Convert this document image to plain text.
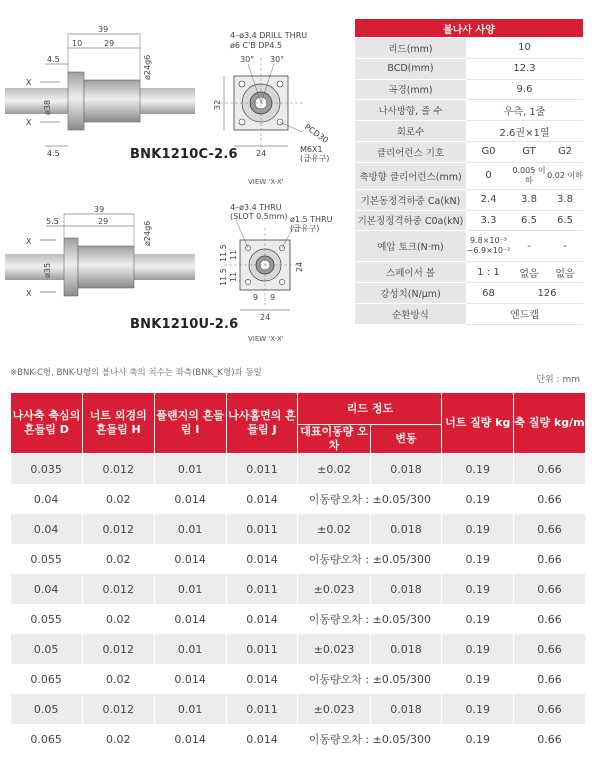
39
10	29
4.5
4.5
ø38
ø24g6
X
X
4–ø3.4 DRILL THRU
ø6 C'B DP4.5
30° 30°
32
24
PCD30
M6X1
(급유구)
BNK1210C-2.6
VIEW 'X-X'
39
5.5	29
ø35
ø24g6
X
X
4–ø3.4 THRU
(SLOT 0.5mm) ø1.5 THRU
(급유구)
11.5
11.5
11
11
9 9
24
24
BNK1210U-2.6
VIEW 'X-X'
볼나사 사양			
리드(mm)	10		
BCD(mm)	12.3		
곡경(mm)	9.6		
나사방향, 줄 수	우측, 1줄		
회로수	2.6권×1열		
클리어런스 기호	G0	GT	G2
축방향 클리어런스(mm)	0	0.005 이하	0.02 이하
기본동정격하중 Ca(kN)	2.4	3.8	3.8
기본정정격하중 C0a(kN)	3.3	6.5	6.5
예압 토크(N·m)	9.8×10⁻³
~6.9×10⁻²	-	-
스페이서 볼	1 : 1	없음	없음
강성치(N/μm)	68	126	
순환방식	엔드캡		
※BNK-C형, BNK-U형의 볼나사 축의 치수는 좌측(BNK_K형)과 동일
단위 : mm
나사축 축심의 흔들림 D	너트 외경의 흔들림 H	플랜지의 흔들림 I	나사홈면의 흔들림 J	리드 정도		너트 질량 kg	축 질량 kg/m
				대표이동량 오차	변동		
0.035	0.012	0.01	0.011	±0.02	0.018	0.19	0.66
0.04	0.02	0.014	0.014	이동량오차 : ±0.05/300		0.19	0.66
0.04	0.012	0.01	0.011	±0.02	0.018	0.19	0.66
0.055	0.02	0.014	0.014	이동량오차 : ±0.05/300		0.19	0.66
0.04	0.012	0.01	0.011	±0.023	0.018	0.19	0.66
0.055	0.02	0.014	0.014	이동량오차 : ±0.05/300		0.19	0.66
0.05	0.012	0.01	0.011	±0.023	0.018	0.19	0.66
0.065	0.02	0.014	0.014	이동량오차 : ±0.05/300		0.19	0.66
0.05	0.012	0.01	0.011	±0.023	0.018	0.19	0.66
0.065	0.02	0.014	0.014	이동량오차 : ±0.05/300		0.19	0.66
